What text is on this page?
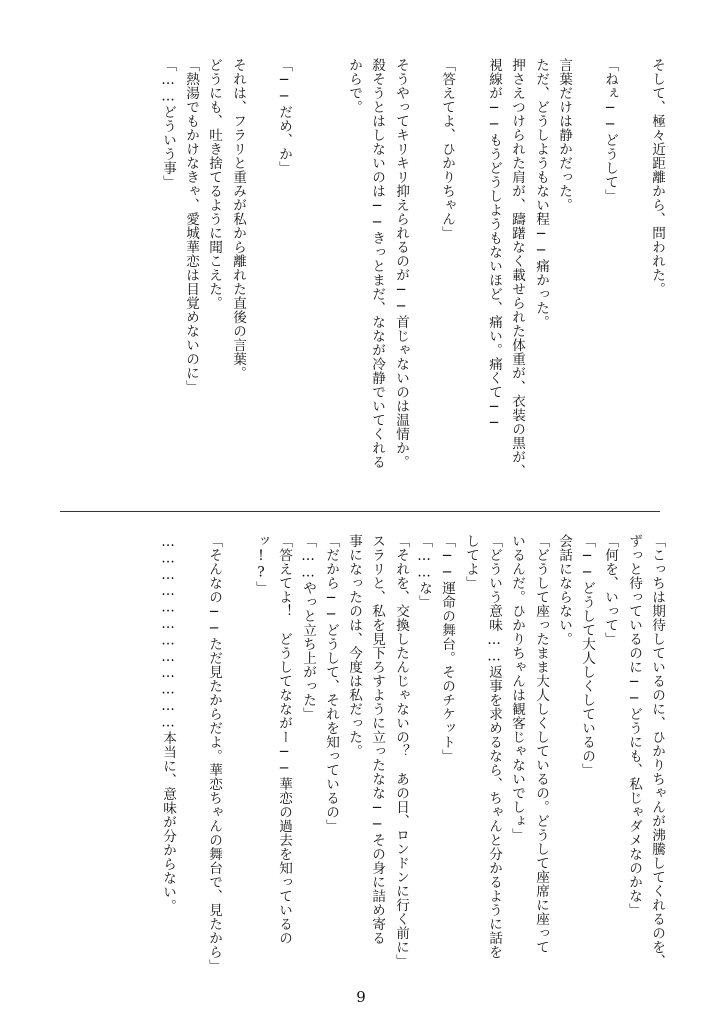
そして、極々近距離から、問われた。
「ねぇ──どうして」
言葉だけは静かだった。
ただ、どうしようもない程──痛かった。
押さえつけられた肩が、躊躇なく載せられた体重が、衣装の黒が、
視線が──もうどうしようもないほど、痛い。痛くて──
「答えてよ、ひかりちゃん」
そうやってキリキリ抑えられるのが──首じゃないのは温情か。
殺そうとはしないのは──きっとまだ、ななが冷静でいてくれる
からで。
「──だめ、か」
それは、フラリと重みが私から離れた直後の言葉。
どうにも、吐き捨てるように聞こえた。
「熱湯でもかけなきゃ、愛城華恋は目覚めないのに」
「……どういう事」
「こっちは期待しているのに、ひかりちゃんが沸騰してくれるのを、
ずっと待っているのに──どうにも、私じゃダメなのかな」
「何を、いって」
「──どうして大人しくしているの」
会話にならない。
「どうして座ったまま大人しくしているの。どうして座席に座って
いるんだ。ひかりちゃんは観客じゃないでしょ」
「どういう意味……返事を求めるなら、ちゃんと分かるように話を
してよ」
「──運命の舞台。そのチケット」
「……な」
「それを、交換したんじゃないの？　あの日、ロンドンに行く前に」
スラリと、私を見下ろすように立ったなな──その身に詰め寄る
事になったのは、今度は私だった。
「だから──どうして、それを知っているの」
「……やっと立ち上がった」
「答えてよ！　どうしてなながー──華恋の過去を知っているの
ッ!?」
「そんなの──ただ見たからだよ。華恋ちゃんの舞台で、見たから」
………………………………本当に、意味が分からない。
9
